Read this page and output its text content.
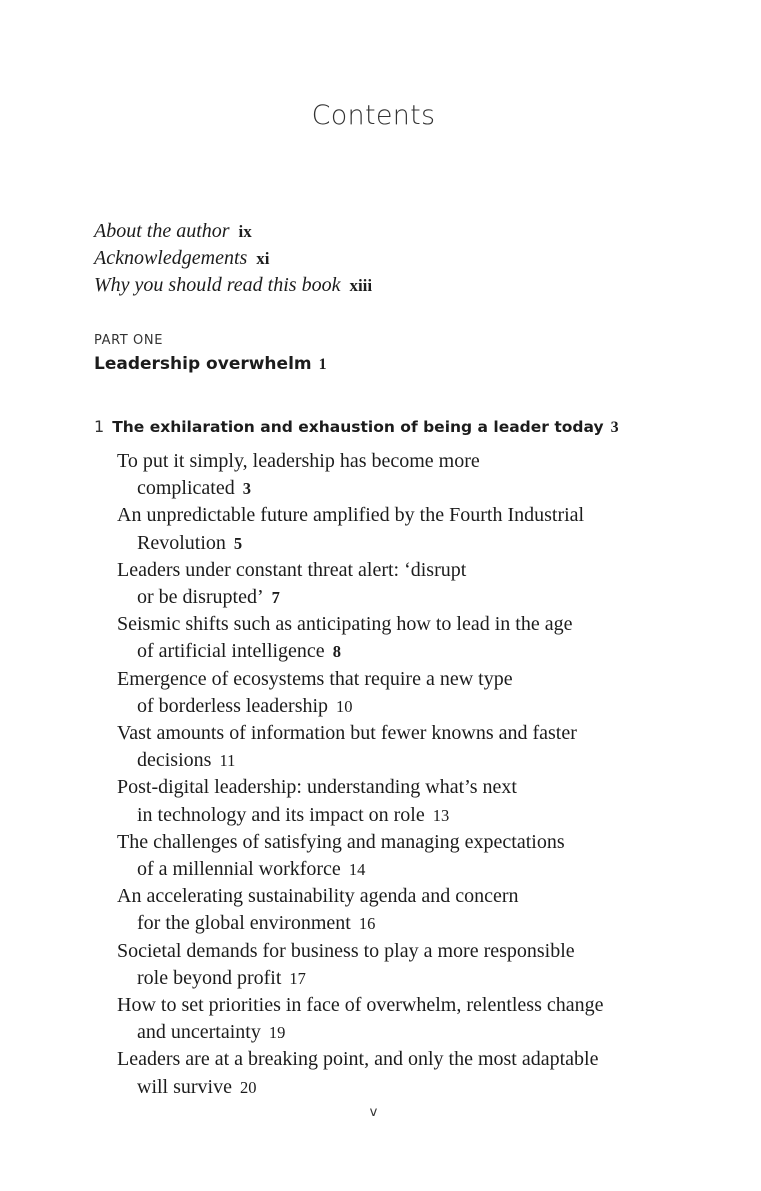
Contents
About the author ix
Acknowledgements xi
Why you should read this book xiii
PART ONE
Leadership overwhelm 1
1 The exhilaration and exhaustion of being a leader today 3
To put it simply, leadership has become more
complicated 3
An unpredictable future amplified by the Fourth Industrial
Revolution 5
Leaders under constant threat alert: ‘disrupt
or be disrupted’ 7
Seismic shifts such as anticipating how to lead in the age
of artificial intelligence 8
Emergence of ecosystems that require a new type
of borderless leadership 10
Vast amounts of information but fewer knowns and faster
decisions 11
Post-digital leadership: understanding what’s next
in technology and its impact on role 13
The challenges of satisfying and managing expectations
of a millennial workforce 14
An accelerating sustainability agenda and concern
for the global environment 16
Societal demands for business to play a more responsible
role beyond profit 17
How to set priorities in face of overwhelm, relentless change
and uncertainty 19
Leaders are at a breaking point, and only the most adaptable
will survive 20
v
